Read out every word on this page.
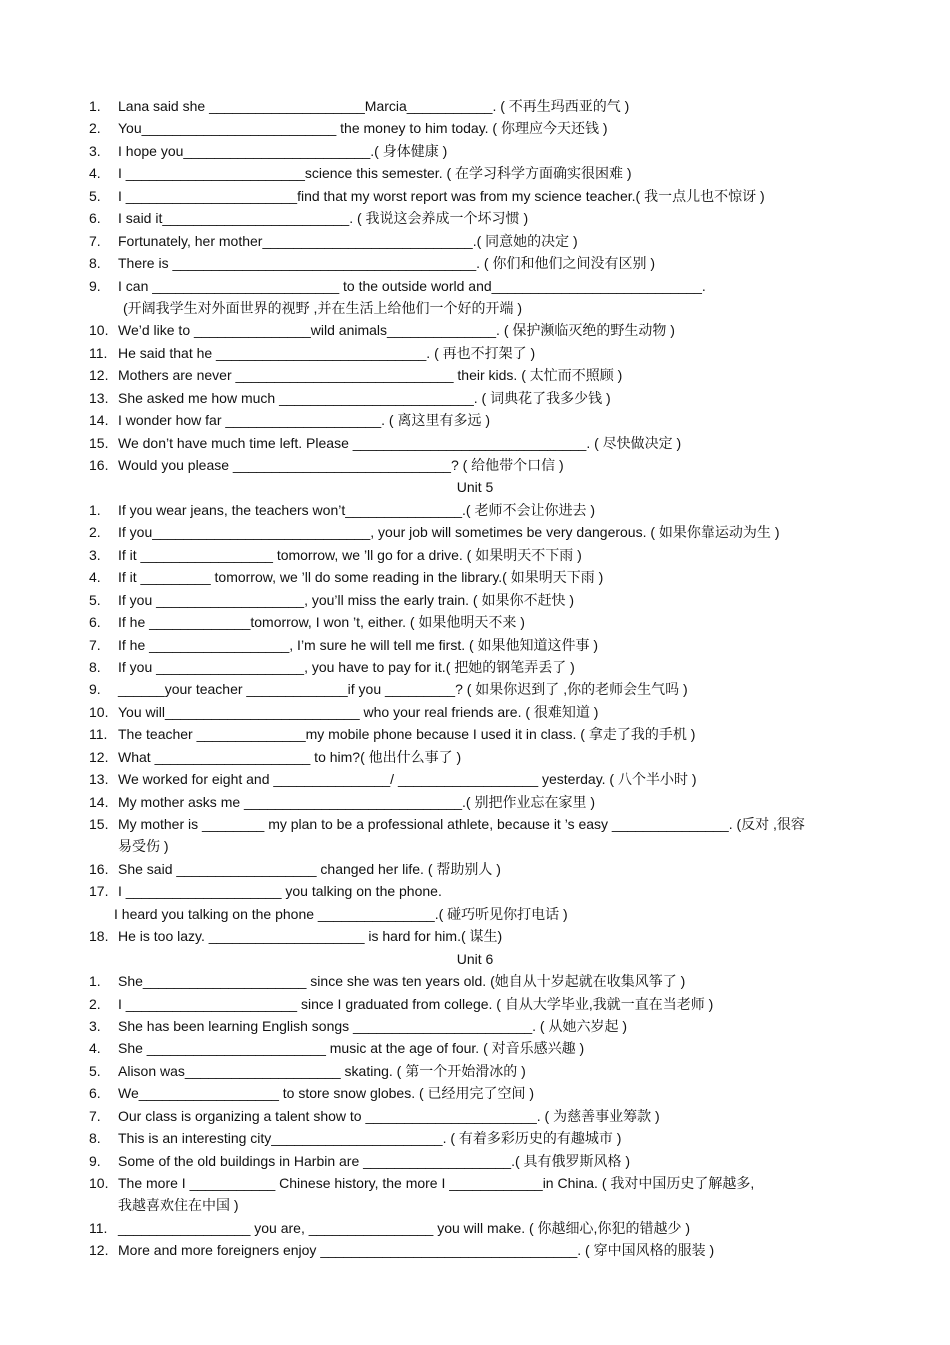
1. Lana said she ____________________Marcia___________. ( 不再生玛西亚的气 )
2. You_________________________ the money to him today. ( 你理应今天还钱 )
3. I hope you________________________.( 身体健康 )
4. I _______________________science this semester. ( 在学习科学方面确实很困难 )
5. I ______________________find that my worst report was from my science teacher.( 我一点儿也不惊讶 )
6. I said it________________________. ( 我说这会养成一个坏习惯 )
7. Fortunately, her mother___________________________.( 同意她的决定 )
8. There is _______________________________________. ( 你们和他们之间没有区别 )
9. I can ________________________ to the outside world and___________________________.
(开阔我学生对外面世界的视野 ,并在生活上给他们一个好的开端 )
10. We’d like to _______________wild animals______________. ( 保护濒临灭绝的野生动物 )
11. He said that he ___________________________. ( 再也不打架了 )
12. Mothers are never ____________________________ their kids. ( 太忙而不照顾 )
13. She asked me how much _________________________. ( 词典花了我多少钱 )
14. I wonder how far ____________________. ( 离这里有多远 )
15. We don’t have much time left. Please ______________________________. ( 尽快做决定 )
16. Would you please ____________________________? ( 给他带个口信 )
Unit 5
1. If you wear jeans, the teachers won’t_______________.( 老师不会让你进去 )
2. If you____________________________, your job will sometimes be very dangerous. ( 如果你靠运动为生 )
3. If it _________________ tomorrow, we ’ll go for a drive. ( 如果明天不下雨 )
4. If it _________ tomorrow, we ’ll do some reading in the library.( 如果明天下雨 )
5. If you ___________________, you’ll miss the early train. ( 如果你不赶快 )
6. If he _____________tomorrow, I won ’t, either. ( 如果他明天不来 )
7. If he __________________, I’m sure he will tell me first. ( 如果他知道这件事 )
8. If you ___________________, you have to pay for it.( 把她的钢笔弄丢了 )
9. ______your teacher _____________if you _________? ( 如果你迟到了 ,你的老师会生气吗 )
10. You will_________________________ who your real friends are. ( 很难知道 )
11. The teacher ______________my mobile phone because I used it in class. ( 拿走了我的手机 )
12. What ____________________ to him?( 他出什么事了 )
13. We worked for eight and _______________/ __________________ yesterday. ( 八个半小时 )
14. My mother asks me ____________________________.( 别把作业忘在家里 )
15. My mother is ________ my plan to be a professional athlete, because it ’s easy _______________. (反对 ,很容
易受伤 )
16. She said __________________ changed her life. ( 帮助别人 )
17. I ____________________ you talking on the phone.
I heard you talking on the phone _______________.( 碰巧听见你打电话 )
18. He is too lazy. ____________________ is hard for him.( 谋生)
Unit 6
1. She_____________________ since she was ten years old. (她自从十岁起就在收集风筝了 )
2. I ______________________ since I graduated from college. ( 自从大学毕业,我就一直在当老师 )
3. She has been learning English songs _______________________. ( 从她六岁起 )
4. She _______________________ music at the age of four. ( 对音乐感兴趣 )
5. Alison was____________________ skating. ( 第一个开始滑冰的 )
6. We__________________ to store snow globes. ( 已经用完了空间 )
7. Our class is organizing a talent show to ______________________. ( 为慈善事业筹款 )
8. This is an interesting city______________________. ( 有着多彩历史的有趣城市 )
9. Some of the old buildings in Harbin are ___________________.( 具有俄罗斯风格 )
10. The more I ___________ Chinese history, the more I ____________in China. ( 我对中国历史了解越多,
我越喜欢住在中国 )
11. _________________ you are, ________________ you will make. ( 你越细心,你犯的错越少 )
12. More and more foreigners enjoy _________________________________. ( 穿中国风格的服装 )
